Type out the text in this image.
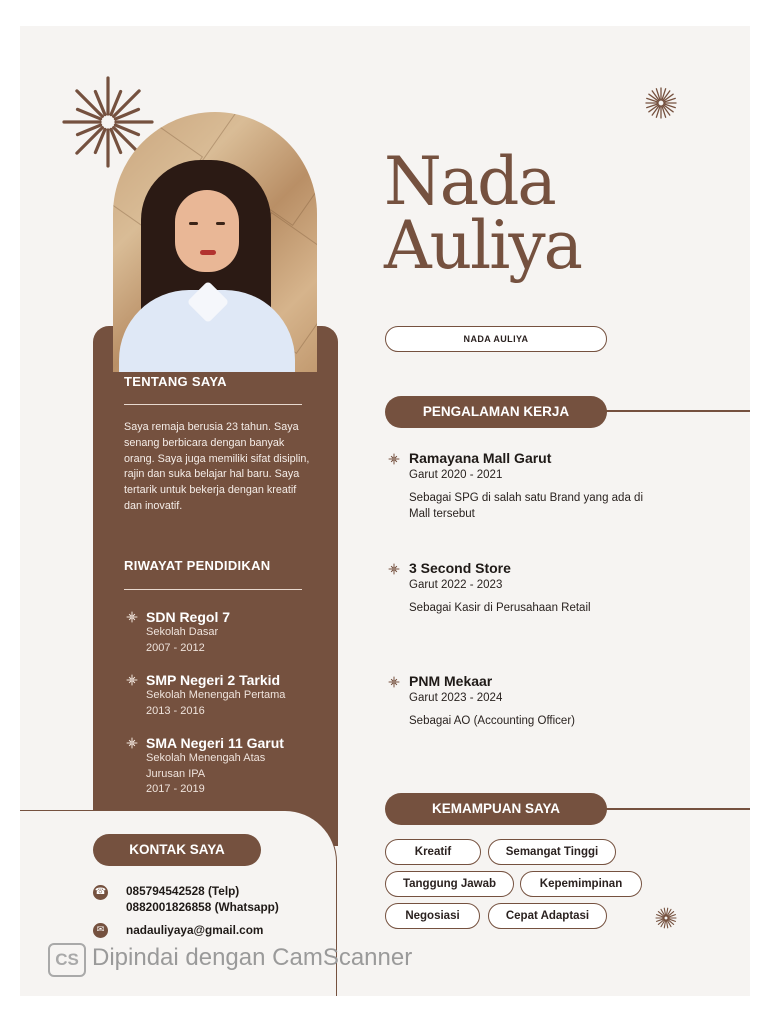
TENTANG SAYA
Saya remaja berusia 23 tahun. Saya senang berbicara dengan banyak orang. Saya juga memiliki sifat disiplin, rajin dan suka belajar hal baru. Saya tertarik untuk bekerja dengan kreatif dan inovatif.
RIWAYAT PENDIDIKAN
SDN Regol 7
Sekolah Dasar
2007 - 2012
SMP Negeri 2 Tarkid
Sekolah Menengah Pertama
2013 - 2016
SMA Negeri 11 Garut
Sekolah Menengah Atas
Jurusan IPA
2017 - 2019
KONTAK SAYA
☎ 085794542528 (Telp)
0882001826858 (Whatsapp)
✉	nadauliyaya@gmail.com
Nada
Auliya
NADA AULIYA
PENGALAMAN KERJA
Ramayana Mall Garut
Garut 2020 - 2021
Sebagai SPG di salah satu Brand yang ada di Mall tersebut
3 Second Store
Garut 2022 - 2023
Sebagai Kasir di Perusahaan Retail
PNM Mekaar
Garut 2023 - 2024
Sebagai AO (Accounting Officer)
KEMAMPUAN SAYA
Kreatif	Semangat Tinggi
Tanggung Jawab	Kepemimpinan
Negosiasi	Cepat Adaptasi
CS Dipindai dengan CamScanner
